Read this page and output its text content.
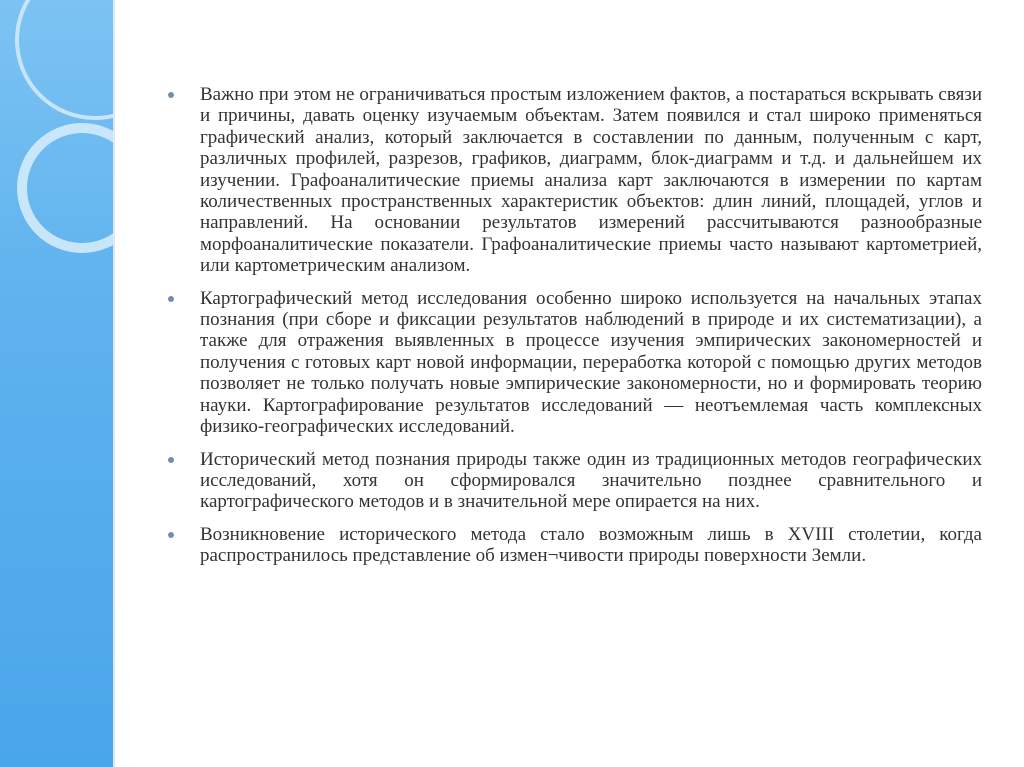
Важно при этом не ограничиваться простым изложением фактов, а постараться вскрывать связи и причины, давать оценку изучаемым объектам. Затем появился и стал широко применяться графический анализ, который заключается в составлении по данным, полученным с карт, различных профилей, разрезов, графиков, диаграмм, блок-диаграмм и т.д. и дальнейшем их изучении. Графоаналитические приемы анализа карт заключаются в измерении по картам количественных пространственных характеристик объектов: длин линий, площадей, углов и направлений. На основании результатов измерений рассчитываются разнообразные морфоаналитические показатели. Графоаналитические приемы часто называют картометрией, или картометрическим анализом.
Картографический метод исследования особенно широко используется на начальных этапах познания (при сборе и фиксации результатов наблюдений в природе и их систематизации), а также для отражения выявленных в процессе изучения эмпирических закономерностей и получения с готовых карт новой информации, переработка которой с помощью других методов позволяет не только получать новые эмпирические закономерности, но и формировать теорию науки. Картографирование результатов исследований — неотъемлемая часть комплексных физико-географических исследований.
Исторический метод познания природы также один из традиционных методов географических исследований, хотя он сформировался значительно позднее сравнительного и картографического методов и в значительной мере опирается на них.
Возникновение исторического метода стало возможным лишь в XVIII столетии, когда распространилось представление об измен¬чивости природы поверхности Земли.
